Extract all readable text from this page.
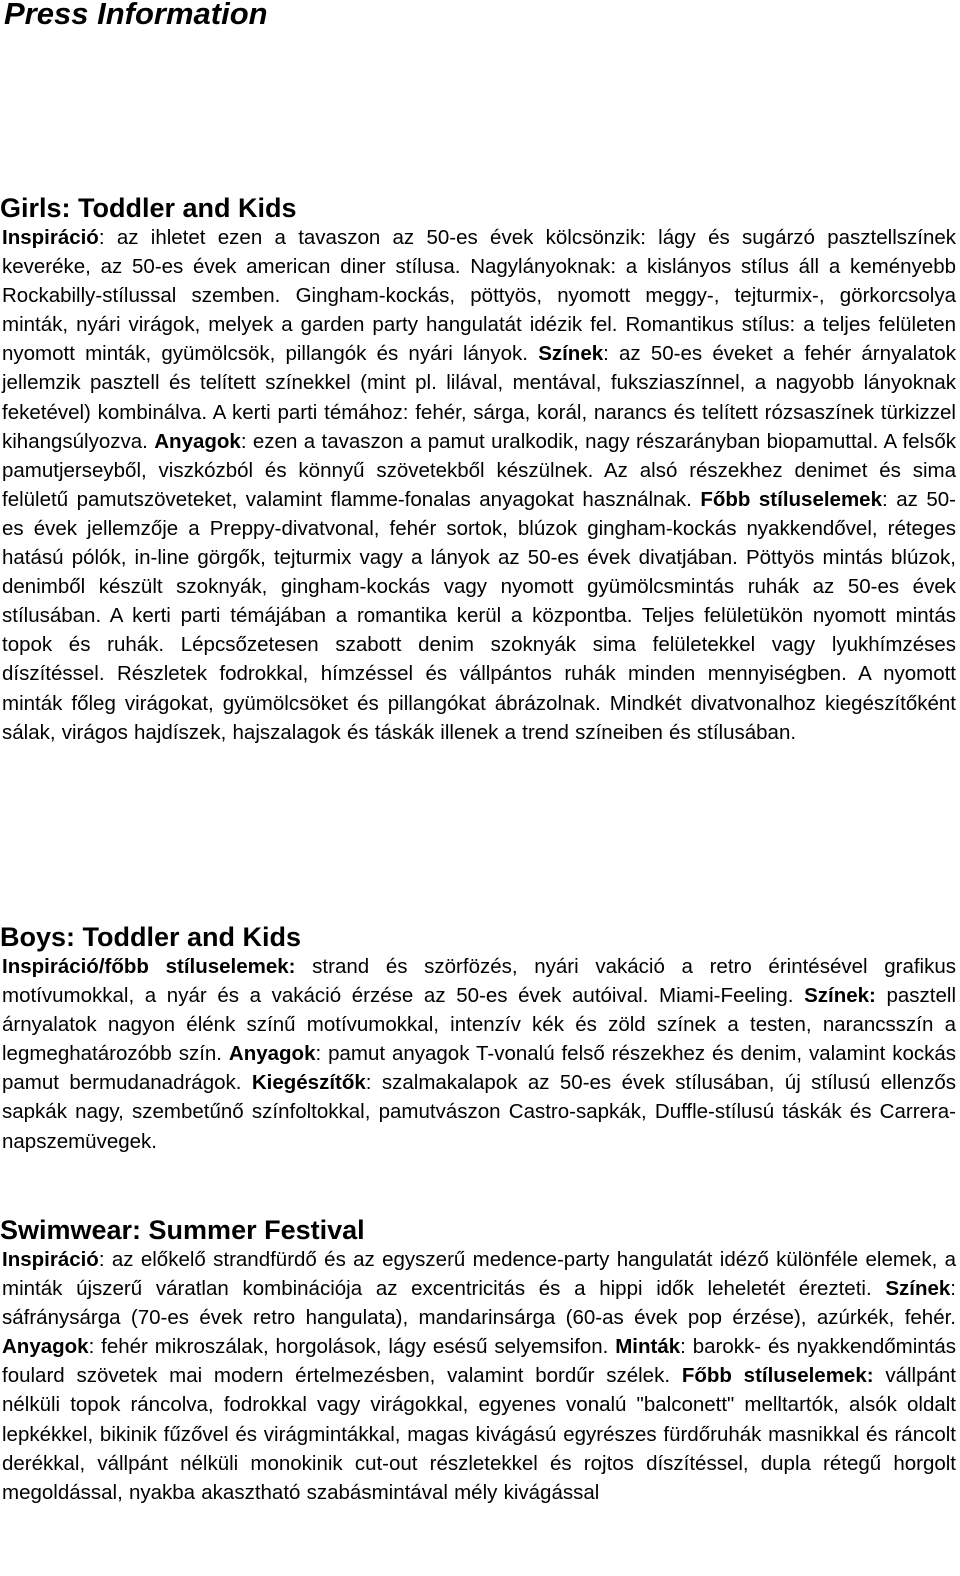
Press Information
Girls: Toddler and Kids

Inspiráció: az ihletet ezen a tavaszon az 50-es évek kölcsönzik: lágy és sugárzó pasztellszínek keveréke, az 50-es évek american diner stílusa. Nagylányoknak: a kislányos stílus áll a keményebb Rockabilly-stílussal szemben. Gingham-kockás, pöttyös, nyomott meggy-, tejturmix-, görkorcsolya minták, nyári virágok, melyek a garden party hangulatát idézik fel. Romantikus stílus: a teljes felületen nyomott minták, gyümölcsök, pillangók és nyári lányok. Színek: az 50-es éveket a fehér árnyalatok jellemzik pasztell és telített színekkel (mint pl. lilával, mentával, fuksziaszínnel, a nagyobb lányoknak feketével) kombinálva. A kerti parti témához: fehér, sárga, korál, narancs és telített rózsaszínek türkizzel kihangsúlyozva. Anyagok: ezen a tavaszon a pamut uralkodik, nagy részarányban biopamuttal. A felsők pamutjerseyből, viszkózból és könnyű szövetekből készülnek. Az alsó részekhez denimet és sima felületű pamutszöveteket, valamint flamme-fonalas anyagokat használnak. Főbb stíluselemek: az 50-es évek jellemzője a Preppy-divatvonal, fehér sortok, blúzok gingham-kockás nyakkendővel, réteges hatású pólók, in-line görgők, tejturmix vagy a lányok az 50-es évek divatjában. Pöttyös mintás blúzok, denimből készült szoknyák, gingham-kockás vagy nyomott gyümölcsmintás ruhák az 50-es évek stílusában. A kerti parti témájában a romantika kerül a központba. Teljes felületükön nyomott mintás topok és ruhák. Lépcsőzetesen szabott denim szoknyák sima felületekkel vagy lyukhímzéses díszítéssel. Részletek fodrokkal, hímzéssel és vállpántos ruhák minden mennyiségben. A nyomott minták főleg virágokat, gyümölcsöket és pillangókat ábrázolnak. Mindkét divatvonalhoz kiegészítőként sálak, virágos hajdíszek, hajszalagok és táskák illenek a trend színeiben és stílusában.

Boys: Toddler and Kids

Inspiráció/főbb stíluselemek: strand és szörfözés, nyári vakáció a retro érintésével grafikus motívumokkal, a nyár és a vakáció érzése az 50-es évek autóival. Miami-Feeling. Színek: pasztell árnyalatok nagyon élénk színű motívumokkal, intenzív kék és zöld színek a testen, narancsszín a legmeghatározóbb szín. Anyagok: pamut anyagok T-vonalú felső részekhez és denim, valamint kockás pamut bermudanadrágok. Kiegészítők: szalmakalapok az 50-es évek stílusában, új stílusú ellenzős sapkák nagy, szembetűnő színfoltokkal, pamutvászon Castro-sapkák, Duffle-stílusú táskák és Carrera-napszemüvegek.

Swimwear: Summer Festival

Inspiráció: az előkelő strandfürdő és az egyszerű medence-party hangulatát idéző különféle elemek, a minták újszerű váratlan kombinációja az excentricitás és a hippi idők leheletét érezteti. Színek: sáfránysárga (70-es évek retro hangulata), mandarinsárga (60-as évek pop érzése), azúrkék, fehér. Anyagok: fehér mikroszálak, horgolások, lágy esésű selyemsifon. Minták: barokk- és nyakkendőmintás foulard szövetek mai modern értelmezésben, valamint bordűr szélek. Főbb stíluselemek: vállpánt nélküli topok ráncolva, fodrokkal vagy virágokkal, egyenes vonalú "balconett" melltartók, alsók oldalt lepkékkel, bikinik fűzővel és virágmintákkal, magas kivágású egyrészes fürdőruhák masnikkal és ráncolt derékkal, vállpánt nélküli monokinik cut-out részletekkel és rojtos díszítéssel, dupla rétegű horgolt megoldással, nyakba akasztható szabásmintával mély kivágással
